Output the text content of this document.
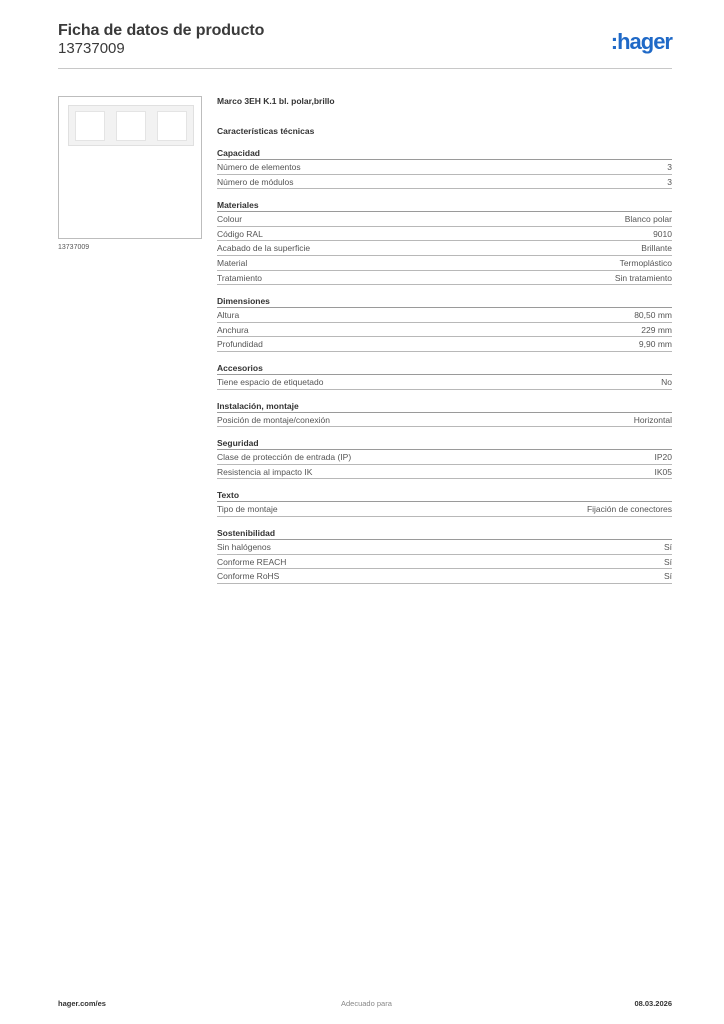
Ficha de datos de producto
13737009	:hager
13737009
Marco 3EH K.1 bl. polar,brillo
Características técnicas
Capacidad
Número de elementos	3
Número de módulos	3
Materiales
Colour	Blanco polar
Código RAL	9010
Acabado de la superficie	Brillante
Material	Termoplástico
Tratamiento	Sin tratamiento
Dimensiones
Altura	80,50 mm
Anchura	229 mm
Profundidad	9,90 mm
Accesorios
Tiene espacio de etiquetado	No
Instalación, montaje
Posición de montaje/conexión	Horizontal
Seguridad
Clase de protección de entrada (IP)	IP20
Resistencia al impacto IK	IK05
Texto
Tipo de montaje	Fijación de conectores
Sostenibilidad
Sin halógenos	Sí
Conforme REACH	Sí
Conforme RoHS	Sí
hager.com/es	Adecuado para	08.03.2026
